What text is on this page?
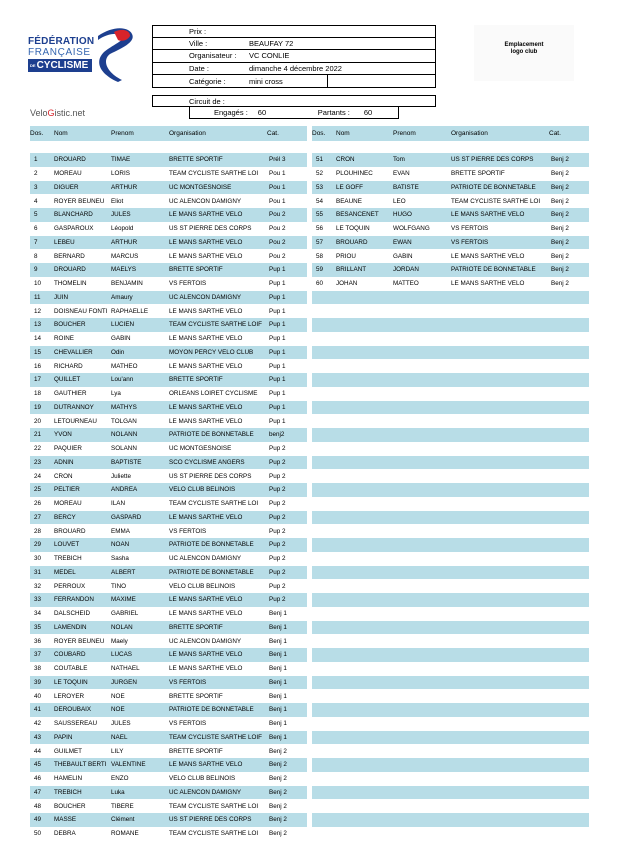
FÉDÉRATION
FRANÇAISE
DECYCLISME
VeloGistic.net
Prix :
Ville :	BEAUFAY 72
Organisateur :	VC CONLIE
Date :	dimanche 4 décembre 2022
Catégorie :	mini cross
Circuit de :
Engagés : 60	Partants : 60
Emplacement
logo club
Dos.	Nom	Prenom	Organisation	Cat.
1	DROUARD	TIMAE	BRETTE SPORTIF	Prél 3
2	MOREAU	LORIS	TEAM CYCLISTE SARTHE LOI	Pou 1
3	DIGUER	ARTHUR	UC MONTGESNOISE	Pou 1
4	ROYER BEUNEU	Eliot	UC ALENCON DAMIGNY	Pou 1
5	BLANCHARD	JULES	LE MANS SARTHE VELO	Pou 2
6	GASPAROUX	Léopold	US ST PIERRE DES CORPS	Pou 2
7	LEBEU	ARTHUR	LE MANS SARTHE VELO	Pou 2
8	BERNARD	MARCUS	LE MANS SARTHE VELO	Pou 2
9	DROUARD	MAELYS	BRETTE SPORTIF	Pup 1
10	THOMELIN	BENJAMIN	VS FERTOIS	Pup 1
11	JUIN	Amaury	UC ALENCON DAMIGNY	Pup 1
12	DOISNEAU FONTI RAPHAELLE	LE MANS SARTHE VELO	Pup 1
13	BOUCHER	LUCIEN	TEAM CYCLISTE SARTHE LOIF	Pup 1
14	ROINE	GABIN	LE MANS SARTHE VELO	Pup 1
15	CHEVALLIER	Odin	MOYON PERCY VELO CLUB	Pup 1
16	RICHARD	MATHEO	LE MANS SARTHE VELO	Pup 1
17	QUILLET	Lou'ann	BRETTE SPORTIF	Pup 1
18	GAUTHIER	Lya	ORLEANS LOIRET CYCLISME	Pup 1
19	DUTRANNOY	MATHYS	LE MANS SARTHE VELO	Pup 1
20	LETOURNEAU	TOLGAN	LE MANS SARTHE VELO	Pup 1
21	YVON	NOLANN	PATRIOTE DE BONNETABLE	benj2
22	PAQUIER	SOLANN	UC MONTGESNOISE	Pup 2
23	ADNIN	BAPTISTE	SCO CYCLISME ANGERS	Pup 2
24	CRON	Juliette	US ST PIERRE DES CORPS	Pup 2
25	PELTIER	ANDREA	VELO CLUB BELINOIS	Pup 2
26	MOREAU	ILAN	TEAM CYCLISTE SARTHE LOI	Pup 2
27	BERCY	GASPARD	LE MANS SARTHE VELO	Pup 2
28	BROUARD	EMMA	VS FERTOIS	Pup 2
29	LOUVET	NOAN	PATRIOTE DE BONNETABLE	Pup 2
30	TREBICH	Sasha	UC ALENCON DAMIGNY	Pup 2
31	MEDEL	ALBERT	PATRIOTE DE BONNETABLE	Pup 2
32	PERROUX	TINO	VELO CLUB BELINOIS	Pup 2
33	FERRANDON	MAXIME	LE MANS SARTHE VELO	Pup 2
34	DALSCHEID	GABRIEL	LE MANS SARTHE VELO	Benj 1
35	LAMENDIN	NOLAN	BRETTE SPORTIF	Benj 1
36	ROYER BEUNEU	Maely	UC ALENCON DAMIGNY	Benj 1
37	COUBARD	LUCAS	LE MANS SARTHE VELO	Benj 1
38	COUTABLE	NATHAEL	LE MANS SARTHE VELO	Benj 1
39	LE TOQUIN	JURGEN	VS FERTOIS	Benj 1
40	LEROYER	NOE	BRETTE SPORTIF	Benj 1
41	DEROUBAIX	NOE	PATRIOTE DE BONNETABLE	Benj 1
42	SAUSSEREAU	JULES	VS FERTOIS	Benj 1
43	PAPIN	NAEL	TEAM CYCLISTE SARTHE LOIF	Benj 1
44	GUILMET	LILY	BRETTE SPORTIF	Benj 2
45	THEBAULT BERTI VALENTINE	LE MANS SARTHE VELO	Benj 2
46	HAMELIN	ENZO	VELO CLUB BELINOIS	Benj 2
47	TREBICH	Luka	UC ALENCON DAMIGNY	Benj 2
48	BOUCHER	TIBERE	TEAM CYCLISTE SARTHE LOI	Benj 2
49	MASSE	Clément	US ST PIERRE DES CORPS	Benj 2
50	DEBRA	ROMANE	TEAM CYCLISTE SARTHE LOI	Benj 2
Dos.	Nom	Prenom	Organisation	Cat.
51	CRON	Tom	US ST PIERRE DES CORPS	Benj 2
52	PLOUHINEC	EVAN	BRETTE SPORTIF	Benj 2
53	LE GOFF	BATISTE	PATRIOTE DE BONNETABLE	Benj 2
54	BEAUNE	LEO	TEAM CYCLISTE SARTHE LOI	Benj 2
55	BESANCENET	HUGO	LE MANS SARTHE VELO	Benj 2
56	LE TOQUIN	WOLFGANG	VS FERTOIS	Benj 2
57	BROUARD	EWAN	VS FERTOIS	Benj 2
58	PRIOU	GABIN	LE MANS SARTHE VELO	Benj 2
59	BRILLANT	JORDAN	PATRIOTE DE BONNETABLE	Benj 2
60	JOHAN	MATTEO	LE MANS SARTHE VELO	Benj 2
